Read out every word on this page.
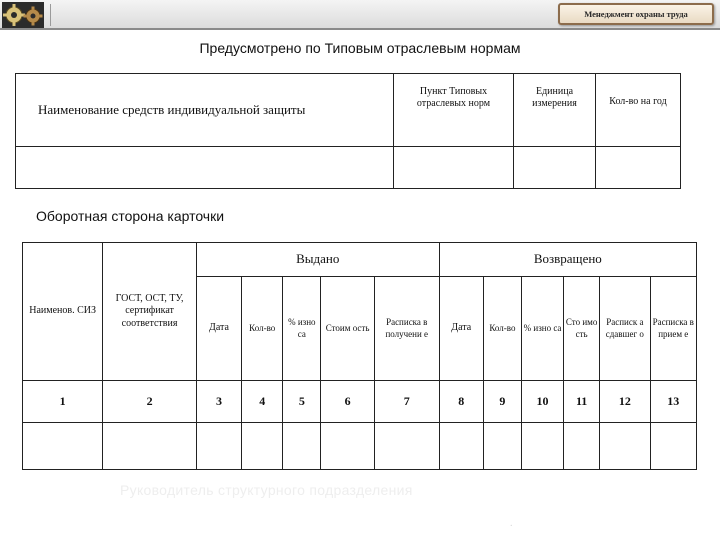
Менеджмент охраны труда
Предусмотрено по Типовым отраслевым нормам
Наименование средств индивидуальной защиты	Пункт Типовых отраслевых норм	Единица измерения	Кол-во на год

Оборотная сторона карточки
Наименов. СИЗ	ГОСТ, ОСТ, ТУ, сертификат соответствия	Выдано					Возвращено					
		Дата	Кол-во	% изно са	Стоим ость	Расписка в получени е	Дата	Кол-во	% изно са	Сто имо сть	Расписк а сдавшег о	Расписка в прием е
1	2	3	4	5	6	7	8	9	10	11	12	13

Руководитель структурного подразделения
.
